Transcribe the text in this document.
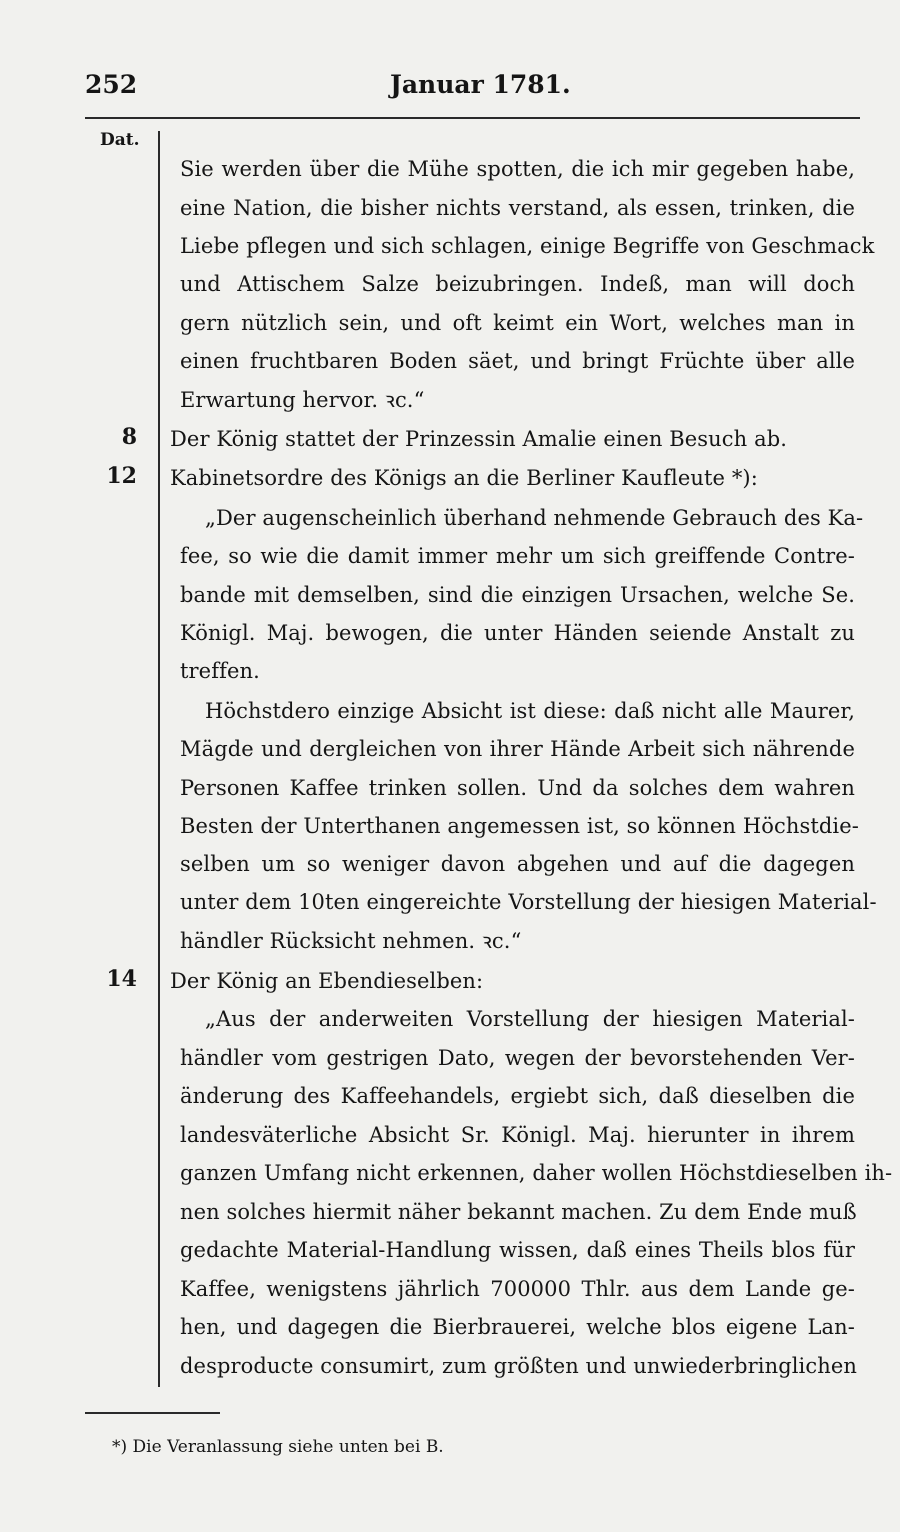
252	Januar 1781.
Dat.
8
12
14
Sie werden über die Mühe spotten, die ich mir gegeben habe,
eine Nation, die bisher nichts verstand, als essen, trinken, die
Liebe pflegen und sich schlagen, einige Begriffe von Geschmack
und Attischem Salze beizubringen. Indeß, man will doch
gern nützlich sein, und oft keimt ein Wort, welches man in
einen fruchtbaren Boden säet, und bringt Früchte über alle
Erwartung hervor. ꝛc.“
Der König stattet der Prinzessin Amalie einen Besuch ab.
Kabinetsordre des Königs an die Berliner Kaufleute *):
„Der augenscheinlich überhand nehmende Gebrauch des Ka-
fee, so wie die damit immer mehr um sich greiffende Contre-
bande mit demselben, sind die einzigen Ursachen, welche Se.
Königl. Maj. bewogen, die unter Händen seiende Anstalt zu
treffen.
Höchstdero einzige Absicht ist diese: daß nicht alle Maurer,
Mägde und dergleichen von ihrer Hände Arbeit sich nährende
Personen Kaffee trinken sollen. Und da solches dem wahren
Besten der Unterthanen angemessen ist, so können Höchstdie-
selben um so weniger davon abgehen und auf die dagegen
unter dem 10ten eingereichte Vorstellung der hiesigen Material-
händler Rücksicht nehmen. ꝛc.“
Der König an Ebendieselben:
„Aus der anderweiten Vorstellung der hiesigen Material-
händler vom gestrigen Dato, wegen der bevorstehenden Ver-
änderung des Kaffeehandels, ergiebt sich, daß dieselben die
landesväterliche Absicht Sr. Königl. Maj. hierunter in ihrem
ganzen Umfang nicht erkennen, daher wollen Höchstdieselben ih-
nen solches hiermit näher bekannt machen. Zu dem Ende muß
gedachte Material-Handlung wissen, daß eines Theils blos für
Kaffee, wenigstens jährlich 700000 Thlr. aus dem Lande ge-
hen, und dagegen die Bierbrauerei, welche blos eigene Lan-
desproducte consumirt, zum größten und unwiederbringlichen
*) Die Veranlassung siehe unten bei B.
